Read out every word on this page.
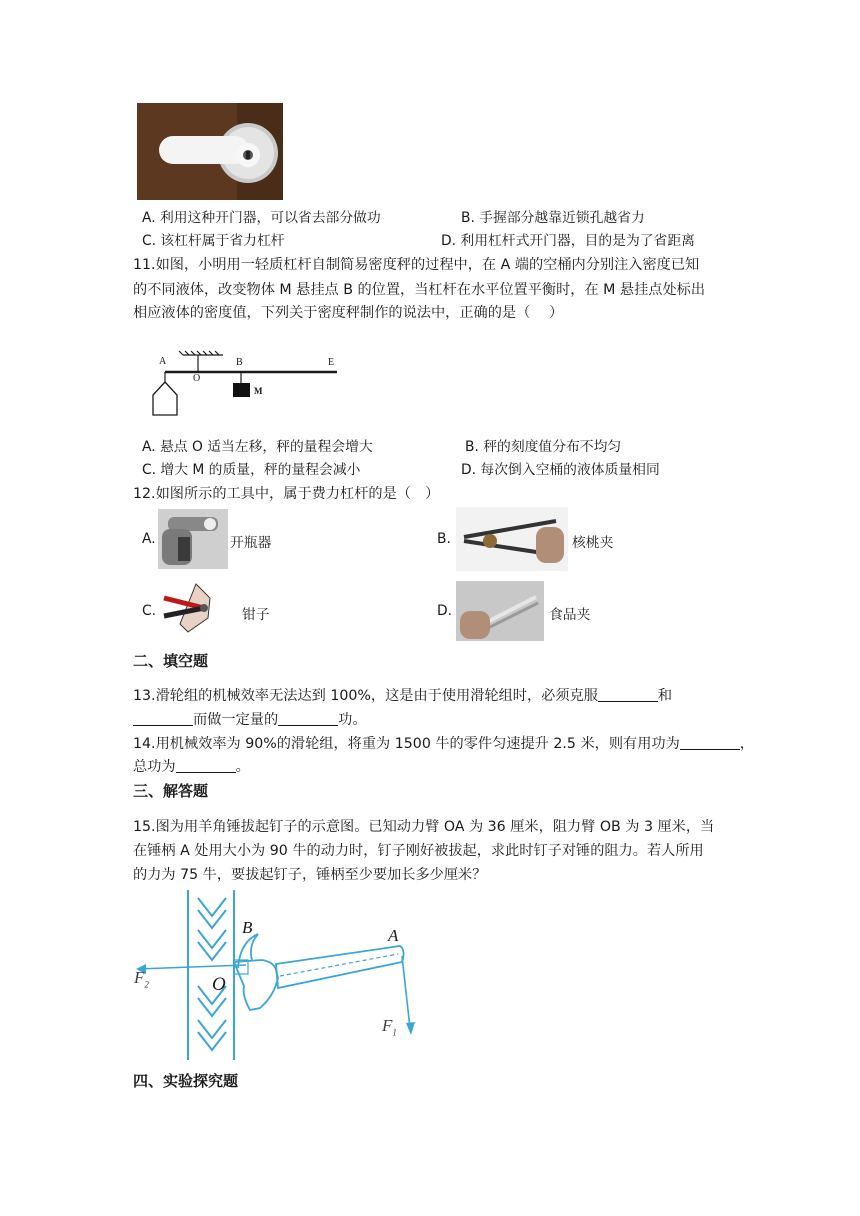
A. 利用这种开门器，可以省去部分做功	B. 手握部分越靠近锁孔越省力
C. 该杠杆属于省力杠杆	D. 利用杠杆式开门器，目的是为了省距离
11.如图，小明用一轻质杠杆自制简易密度秤的过程中，在 A 端的空桶内分别注入密度已知
的不同液体，改变物体 M 悬挂点 B 的位置，当杠杆在水平位置平衡时，在 M 悬挂点处标出
相应液体的密度值，下列关于密度秤制作的说法中，正确的是（　 ）
A
O
B	E
M
A. 悬点 O 适当左移，秤的量程会增大	B. 秤的刻度值分布不均匀
C. 增大 M 的质量，秤的量程会减小	D. 每次倒入空桶的液体质量相同
12.如图所示的工具中，属于费力杠杆的是（　）
A.	开瓶器	B.	核桃夹
C.	钳子	D.	食品夹
二、填空题
13.滑轮组的机械效率无法达到 100%，这是由于使用滑轮组时，必须克服	和
而做一定量的	功。
14.用机械效率为 90%的滑轮组，将重为 1500 牛的零件匀速提升 2.5 米，则有用功为	，
总功为	。
三、解答题
15.图为用羊角锤拔起钉子的示意图。已知动力臂 OA 为 36 厘米，阻力臂 OB 为 3 厘米，当
在锤柄 A 处用大小为 90 牛的动力时，钉子刚好被拔起，求此时钉子对锤的阻力。若人所用
的力为 75 牛，要拔起钉子，锤柄至少要加长多少厘米？
B	A
O
$F_2$
$F_1$
四、实验探究题
